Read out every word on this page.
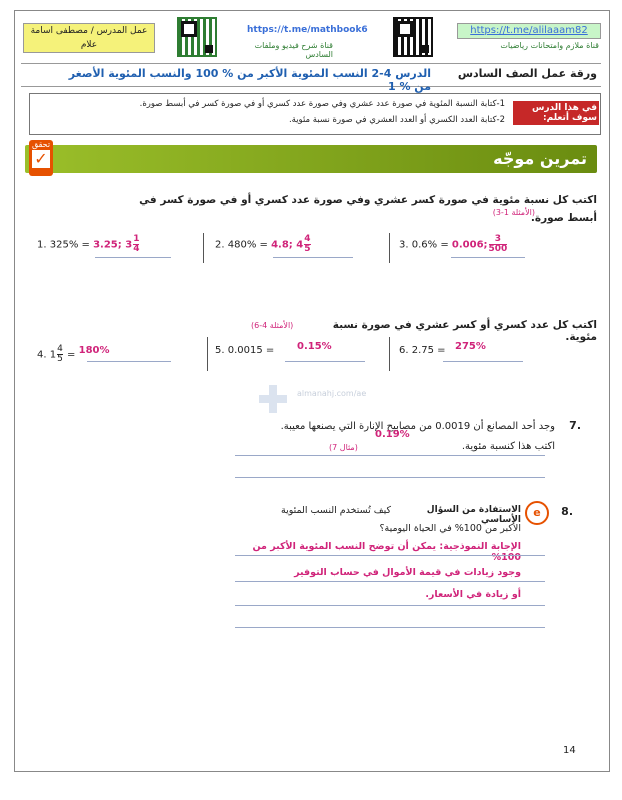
عمل المدرس / مصطفى اسامة علام
https://t.me/mathbook6
قناة شرح فيديو وملفات السادس
https://t.me/alilaaam82
قناة ملازم وامتحانات رياضيات
ورقة عمل الصف السادس
الدرس 4-2 النسب المئوية الأكبر من % 100 والنسب المئوية الأصغر من % 1
في هذا الدرس سوف أتعلم:
1-كتابة النسبة المئوية في صورة عدد عشري وفي صورة عدد كسري أو في صورة كسر في أبسط صورة.
2-كتابة العدد الكسري أو العدد العشري في صورة نسبة مئوية.
تحقق
✓	تمرين موجّه
اكتب كل نسبة مئوية في صورة كسر عشري وفي صورة عدد كسري أو في صورة كسر في أبسط صورة.
(الأمثلة 1-3)
1. 325% = 3.25; $3 \frac{1}{4}$	2. 480% = 4.8; $4 \frac{4}{5}$	3. 0.6% = 0.006; $\frac{3}{500}$
اكتب كل عدد كسري أو كسر عشري في صورة نسبة مئوية.
(الأمثلة 4-6)
4. $1 \frac{4}{5} = 180\%$	5. 0.0015 = 0.15%	6. 2.75 = 275%
almanahj.com/ae
.7
وجد أحد المصانع أن 0.0019 من مصابيح الإنارة التي يصنعها معيبة.
اكتب هذا كنسبة مئوية.
(مثال 7)
0.19%
.8
e
الاستفادة من السؤال الأساسي
كيف تُستخدم النسب المئوية
الأكبر من 100% في الحياة اليومية؟
الإجابة النموذجية: يمكن أن توضح النسب المئوية الأكبر من 100%
وجود زيادات في قيمة الأموال في حساب التوفير
أو زيادة في الأسعار.
14
